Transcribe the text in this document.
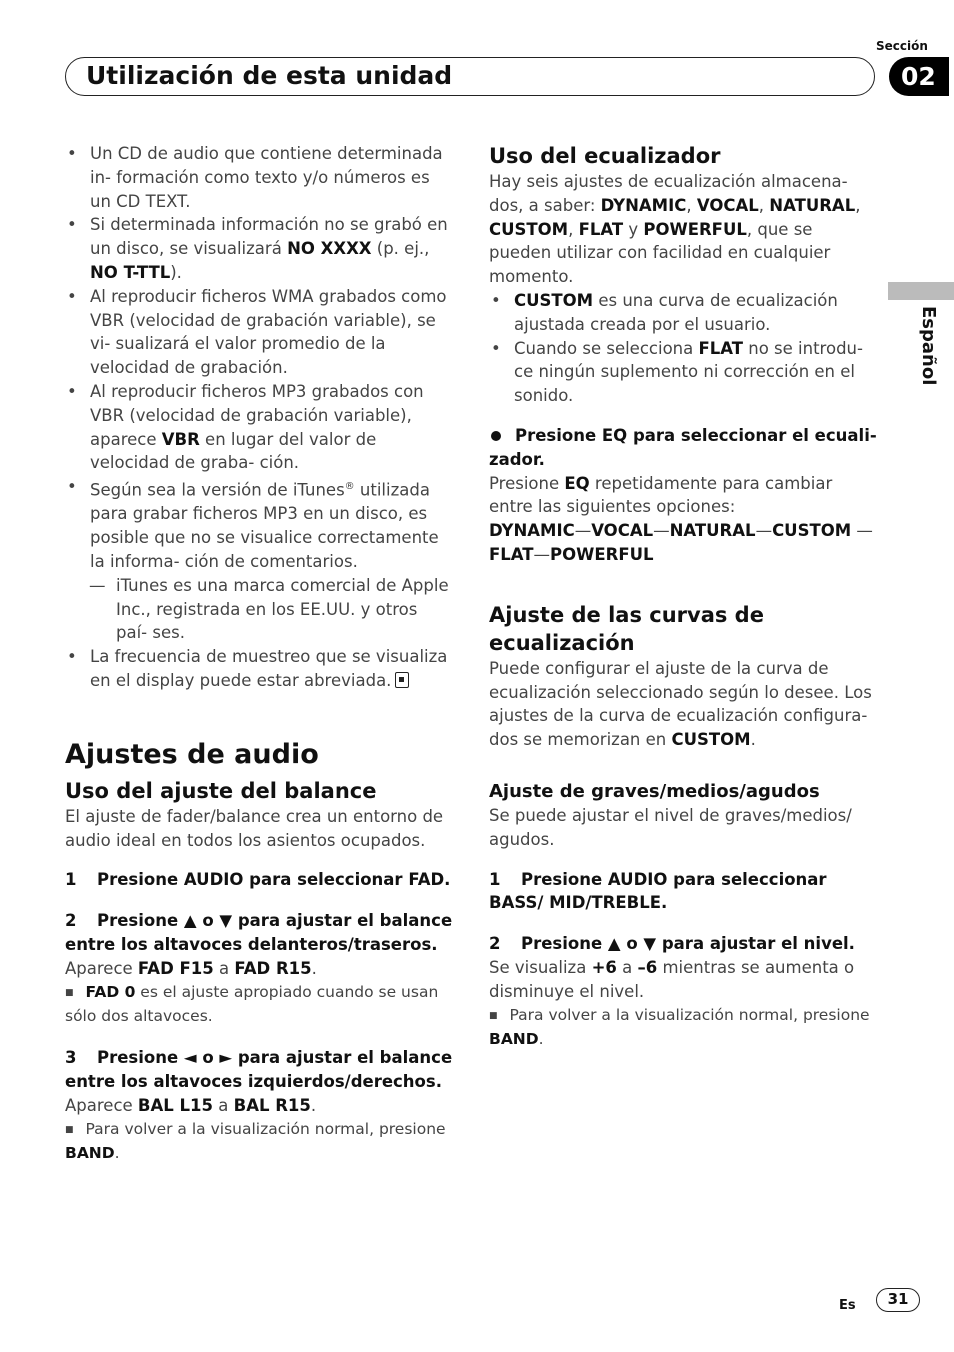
Utilización de esta unidad
Sección
02
Español
• Un CD de audio que contiene determinada in- formación como texto y/o números es un CD TEXT.
• Si determinada información no se grabó en un disco, se visualizará NO XXXX (p. ej., NO T-TTL).
• Al reproducir ficheros WMA grabados como VBR (velocidad de grabación variable), se vi- sualizará el valor promedio de la velocidad de grabación.
• Al reproducir ficheros MP3 grabados con VBR (velocidad de grabación variable), aparece VBR en lugar del valor de velocidad de graba- ción.
• Según sea la versión de iTunes® utilizada para grabar ficheros MP3 en un disco, es posible que no se visualice correctamente la informa- ción de comentarios.
— iTunes es una marca comercial de Apple Inc., registrada en los EE.UU. y otros paí- ses.
• La frecuencia de muestreo que se visualiza en el display puede estar abreviada.
Ajustes de audio
Uso del ajuste del balance
El ajuste de fader/balance crea un entorno de audio ideal en todos los asientos ocupados.
1 Presione AUDIO para seleccionar FAD.
2 Presione ▲ o ▼ para ajustar el balance entre los altavoces delanteros/traseros.
Aparece FAD F15 a FAD R15.
■ FAD 0 es el ajuste apropiado cuando se usan sólo dos altavoces.
3 Presione ◄ o ► para ajustar el balance entre los altavoces izquierdos/derechos.
Aparece BAL L15 a BAL R15.
■ Para volver a la visualización normal, presione BAND.
Uso del ecualizador
Hay seis ajustes de ecualización almacena- dos, a saber: DYNAMIC, VOCAL, NATURAL, CUSTOM, FLAT y POWERFUL, que se pueden utilizar con facilidad en cualquier momento.
• CUSTOM es una curva de ecualización ajustada creada por el usuario.
• Cuando se selecciona FLAT no se introdu- ce ningún suplemento ni corrección en el sonido.
Presione EQ para seleccionar el ecuali- zador.
Presione EQ repetidamente para cambiar entre las siguientes opciones:
DYNAMIC—VOCAL—NATURAL—CUSTOM —FLAT—POWERFUL
Ajuste de las curvas de ecualización
Puede configurar el ajuste de la curva de ecualización seleccionado según lo desee. Los ajustes de la curva de ecualización configura- dos se memorizan en CUSTOM.
Ajuste de graves/medios/agudos
Se puede ajustar el nivel de graves/medios/ agudos.
1 Presione AUDIO para seleccionar BASS/ MID/TREBLE.
2 Presione ▲ o ▼ para ajustar el nivel.
Se visualiza +6 a –6 mientras se aumenta o disminuye el nivel.
■ Para volver a la visualización normal, presione BAND.
Es	31
